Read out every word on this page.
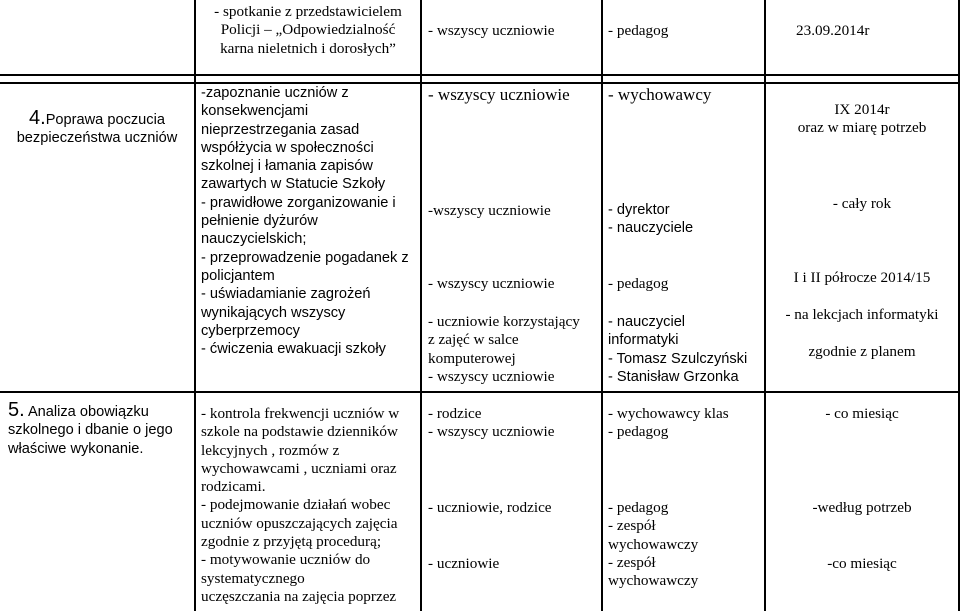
- spotkanie z przedstawicielem
Policji – „Odpowiedzialność
karna nieletnich i dorosłych”
- wszyscy uczniowie	- pedagog	23.09.2014r
4.Poprawa poczucia
bezpieczeństwa uczniów
-zapoznanie uczniów z
konsekwencjami
nieprzestrzegania zasad
współżycia w społeczności
szkolnej i łamania zapisów
zawartych w Statucie Szkoły
- prawidłowe zorganizowanie i
pełnienie dyżurów
nauczycielskich;
- przeprowadzenie pogadanek z
policjantem
- uświadamianie zagrożeń
wynikających wszyscy
cyberprzemocy
- ćwiczenia ewakuacji szkoły
- wszyscy uczniowie
-wszyscy uczniowie
- wszyscy uczniowie
- uczniowie korzystający
z zajęć w salce
komputerowej
- wszyscy uczniowie
- wychowawcy
- dyrektor
- nauczyciele
- pedagog
- nauczyciel
informatyki
- Tomasz Szulczyński
- Stanisław Grzonka
IX 2014r
oraz w miarę potrzeb
- cały rok
I i II półrocze 2014/15
- na lekcjach informatyki
zgodnie z planem
5. Analiza obowiązku
szkolnego i dbanie o jego
właściwe wykonanie.
- kontrola frekwencji uczniów w
szkole na podstawie dzienników
lekcyjnych , rozmów z
wychowawcami , uczniami oraz
rodzicami.
- podejmowanie działań wobec
uczniów opuszczających zajęcia
zgodnie z przyjętą procedurą;
- motywowanie uczniów do
systematycznego
uczęszczania na zajęcia poprzez
- rodzice
- wszyscy uczniowie
- uczniowie, rodzice
- uczniowie
- wychowawcy klas
- pedagog
- pedagog
- zespół
wychowawczy
- zespół
wychowawczy
- co miesiąc
-według potrzeb
-co miesiąc
